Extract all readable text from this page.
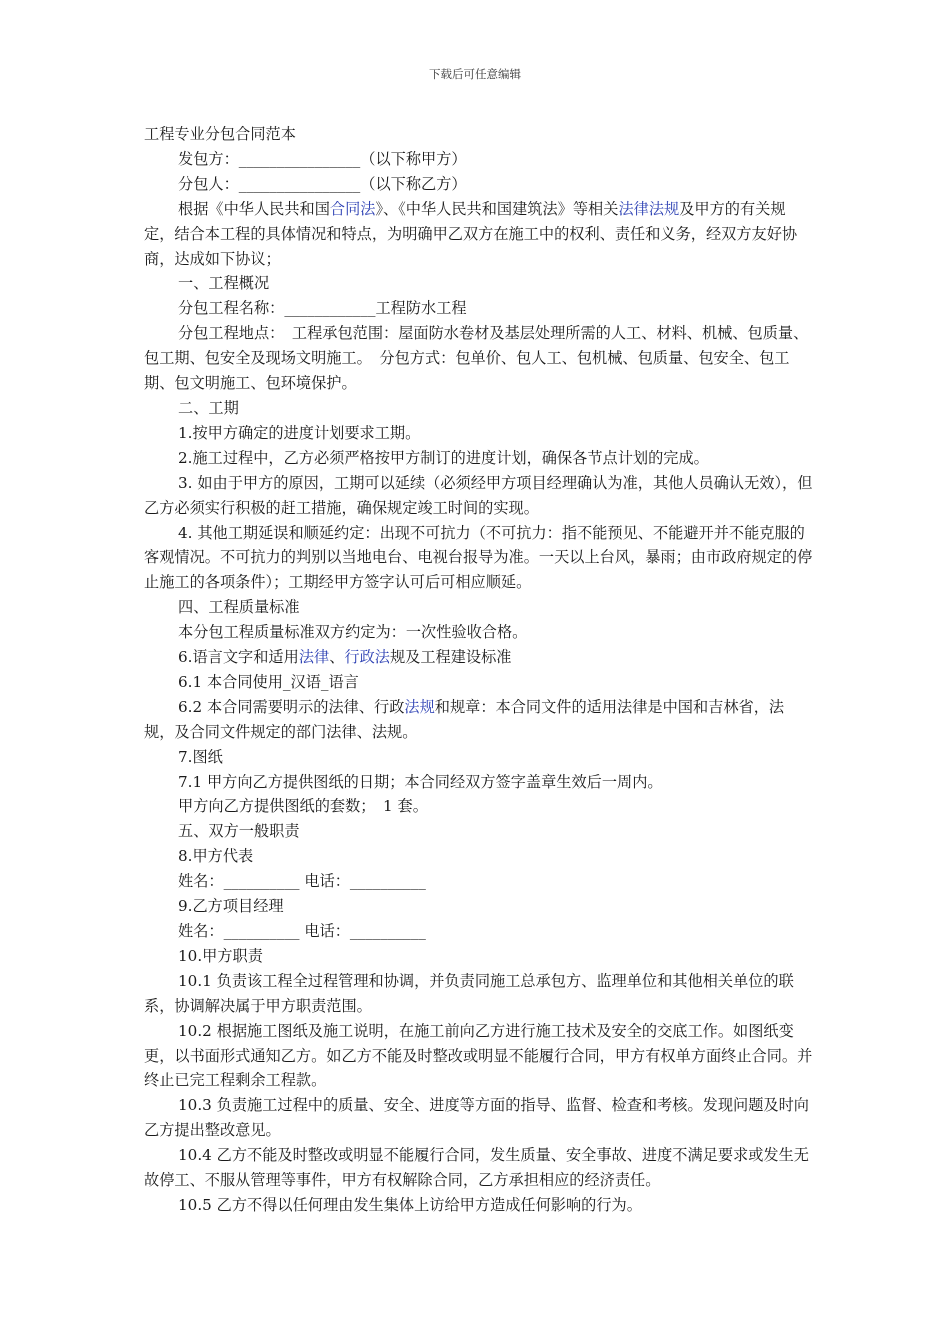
下载后可任意编辑

工程专业分包合同范本

发包方：________________（以下称甲方）

分包人：________________（以下称乙方）

根据《中华人民共和国合同法》、《中华人民共和国建筑法》等相关法律法规及甲方的有关规定，结合本工程的具体情况和特点，为明确甲乙双方在施工中的权利、责任和义务，经双方友好协商，达成如下协议；

一、工程概况

分包工程名称：____________工程防水工程

分包工程地点：　工程承包范围：屋面防水卷材及基层处理所需的人工、材料、机械、包质量、包工期、包安全及现场文明施工。　分包方式：包单价、包人工、包机械、包质量、包安全、包工期、包文明施工、包环境保护。

二、工期

1.按甲方确定的进度计划要求工期。

2.施工过程中，乙方必须严格按甲方制订的进度计划，确保各节点计划的完成。

3. 如由于甲方的原因，工期可以延续（必须经甲方项目经理确认为准，其他人员确认无效），但乙方必须实行积极的赶工措施，确保规定竣工时间的实现。

4. 其他工期延误和顺延约定：出现不可抗力（不可抗力：指不能预见、不能避开并不能克服的客观情况。不可抗力的判别以当地电台、电视台报导为准。一天以上台风，暴雨；由市政府规定的停止施工的各项条件）；工期经甲方签字认可后可相应顺延。

四、工程质量标准

本分包工程质量标准双方约定为：一次性验收合格。

6.语言文字和适用法律、行政法规及工程建设标准

6.1 本合同使用_汉语_语言

6.2 本合同需要明示的法律、行政法规和规章：本合同文件的适用法律是中国和吉林省，法规，及合同文件规定的部门法律、法规。

7.图纸

7.1 甲方向乙方提供图纸的日期；本合同经双方签字盖章生效后一周内。

甲方向乙方提供图纸的套数；　1 套。

五、双方一般职责

8.甲方代表

姓名：__________ 电话：__________

9.乙方项目经理

姓名：__________ 电话：__________

10.甲方职责

10.1 负责该工程全过程管理和协调，并负责同施工总承包方、监理单位和其他相关单位的联系，协调解决属于甲方职责范围。

10.2 根据施工图纸及施工说明，在施工前向乙方进行施工技术及安全的交底工作。如图纸变更，以书面形式通知乙方。如乙方不能及时整改或明显不能履行合同，甲方有权单方面终止合同。并终止已完工程剩余工程款。

10.3 负责施工过程中的质量、安全、进度等方面的指导、监督、检查和考核。发现问题及时向乙方提出整改意见。

10.4 乙方不能及时整改或明显不能履行合同，发生质量、安全事故、进度不满足要求或发生无故停工、不服从管理等事件，甲方有权解除合同，乙方承担相应的经济责任。

10.5 乙方不得以任何理由发生集体上访给甲方造成任何影响的行为。
